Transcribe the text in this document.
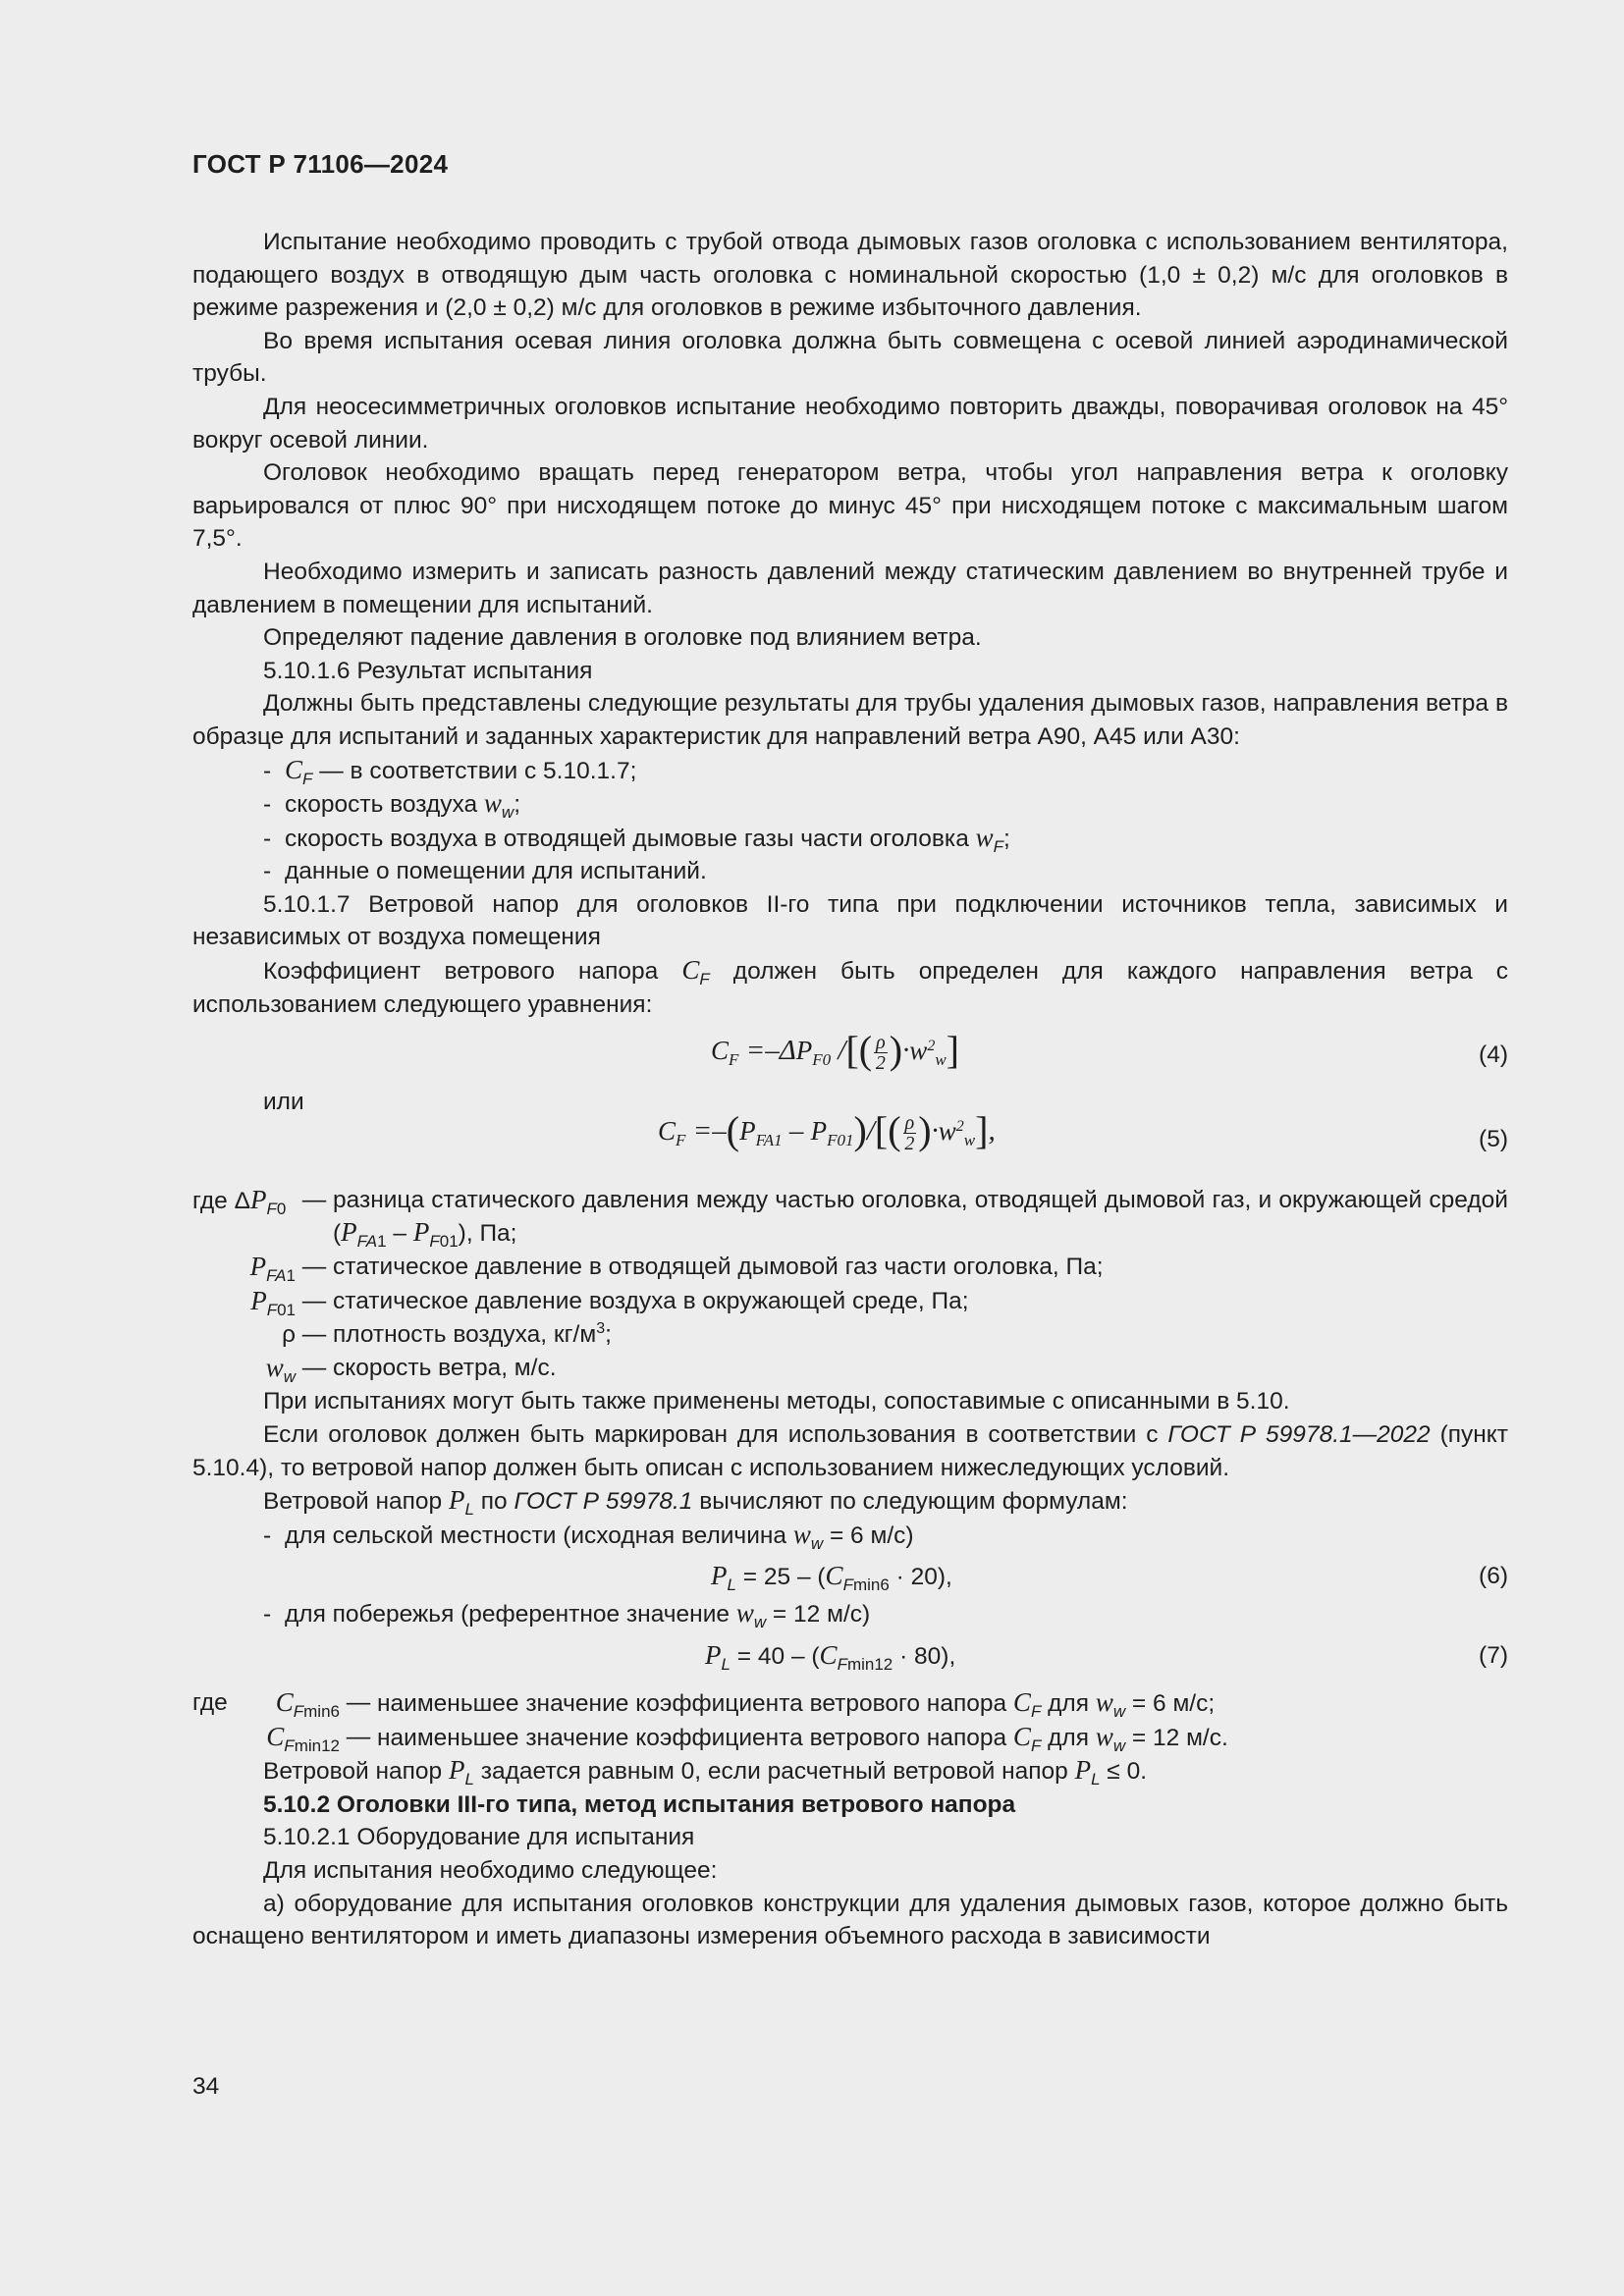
ГОСТ Р 71106—2024

Испытание необходимо проводить с трубой отвода дымовых газов оголовка с использованием вентилятора, подающего воздух в отводящую дым часть оголовка с номинальной скоростью (1,0 ± 0,2) м/с для оголовков в режиме разрежения и (2,0 ± 0,2) м/с для оголовков в режиме избыточного давления.

Во время испытания осевая линия оголовка должна быть совмещена с осевой линией аэродинамической трубы.

Для неосесимметричных оголовков испытание необходимо повторить дважды, поворачивая оголовок на 45° вокруг осевой линии.

Оголовок необходимо вращать перед генератором ветра, чтобы угол направления ветра к оголовку варьировался от плюс 90° при нисходящем потоке до минус 45° при нисходящем потоке с максимальным шагом 7,5°.

Необходимо измерить и записать разность давлений между статическим давлением во внутренней трубе и давлением в помещении для испытаний.

Определяют падение давления в оголовке под влиянием ветра.

5.10.1.6 Результат испытания

Должны быть представлены следующие результаты для трубы удаления дымовых газов, направления ветра в образце для испытаний и заданных характеристик для направлений ветра А90, А45 или А30:

- $C_F$ — в соответствии с 5.10.1.7;
- скорость воздуха $w_w$;
- скорость воздуха в отводящей дымовые газы части оголовка $w_F$;
- данные о помещении для испытаний.

5.10.1.7 Ветровой напор для оголовков II-го типа при подключении источников тепла, зависимых и независимых от воздуха помещения

Коэффициент ветрового напора $C_F$ должен быть определен для каждого направления ветра с использованием следующего уравнения:

$C_F =-\Delta P_{F0}$ /[( $\frac{\rho}{2} )\cdot w^2_w$]	(4)

или

$C_F =-(P_{FA1} - P_{F01})/[( \frac{\rho}{2} )\cdot w^2_w]$,	(5)
где $\Delta P_{F0}$ — разница статического давления между частью оголовка, отводящей дымовой газ, и окружающей средой $(P_{FA1} - P_{F01})$, Па;
$P_{FA1}$ — статическое давление в отводящей дымовой газ части оголовка, Па;
$P_{F01}$ — статическое давление воздуха в окружающей среде, Па;
ρ — плотность воздуха, $кг/м^3$;
$w_w$ — скорость ветра, м/с.

При испытаниях могут быть также применены методы, сопоставимые с описанными в 5.10.

Если оголовок должен быть маркирован для использования в соответствии с ГОСТ Р 59978.1—2022 (пункт 5.10.4), то ветровой напор должен быть описан с использованием нижеследующих условий.

Ветровой напор $P_L$ по ГОСТ Р 59978.1 вычисляют по следующим формулам:

- для сельской местности (исходная величина $w_w = 6$ м/с)
$P_L = 25 - (C_{Fmin6} \cdot 20)$,	(6)
- для побережья (референтное значение $w_w = 12$ м/с)
$P_L = 40 - (C_{Fmin12} \cdot 80)$,	(7)
где $C_{Fmin6}$ — наименьшее значение коэффициента ветрового напора $C_F$ для $w_w = 6$ м/с;
$C_{Fmin12}$ — наименьшее значение коэффициента ветрового напора $C_F$ для $w_w = 12$ м/с.

Ветровой напор $P_L$ задается равным 0, если расчетный ветровой напор $P_L \le 0$.

5.10.2 Оголовки III-го типа, метод испытания ветрового напора

5.10.2.1 Оборудование для испытания

Для испытания необходимо следующее:

а) оборудование для испытания оголовков конструкции для удаления дымовых газов, которое должно быть оснащено вентилятором и иметь диапазоны измерения объемного расхода в зависимости

34
